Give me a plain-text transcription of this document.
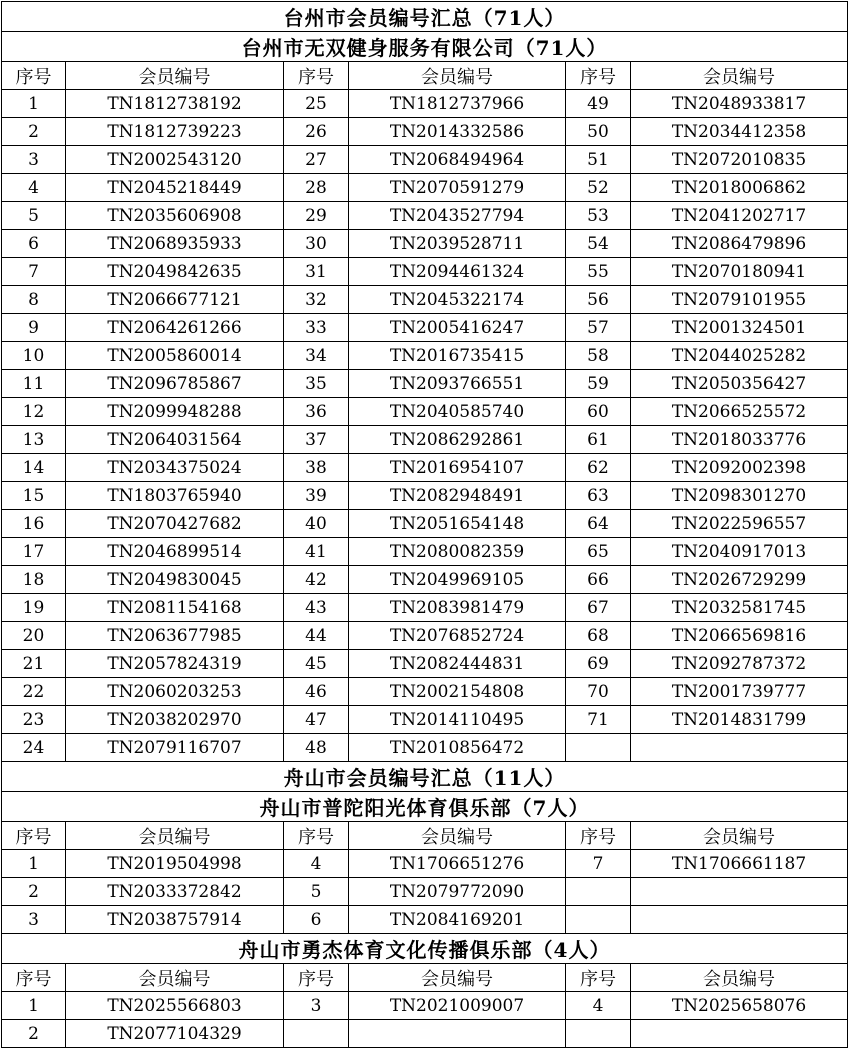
台州市会员编号汇总（71人）					
台州市无双健身服务有限公司（71人）					
序号	会员编号	序号	会员编号	序号	会员编号
1	TN1812738192	25	TN1812737966	49	TN2048933817
2	TN1812739223	26	TN2014332586	50	TN2034412358
3	TN2002543120	27	TN2068494964	51	TN2072010835
4	TN2045218449	28	TN2070591279	52	TN2018006862
5	TN2035606908	29	TN2043527794	53	TN2041202717
6	TN2068935933	30	TN2039528711	54	TN2086479896
7	TN2049842635	31	TN2094461324	55	TN2070180941
8	TN2066677121	32	TN2045322174	56	TN2079101955
9	TN2064261266	33	TN2005416247	57	TN2001324501
10	TN2005860014	34	TN2016735415	58	TN2044025282
11	TN2096785867	35	TN2093766551	59	TN2050356427
12	TN2099948288	36	TN2040585740	60	TN2066525572
13	TN2064031564	37	TN2086292861	61	TN2018033776
14	TN2034375024	38	TN2016954107	62	TN2092002398
15	TN1803765940	39	TN2082948491	63	TN2098301270
16	TN2070427682	40	TN2051654148	64	TN2022596557
17	TN2046899514	41	TN2080082359	65	TN2040917013
18	TN2049830045	42	TN2049969105	66	TN2026729299
19	TN2081154168	43	TN2083981479	67	TN2032581745
20	TN2063677985	44	TN2076852724	68	TN2066569816
21	TN2057824319	45	TN2082444831	69	TN2092787372
22	TN2060203253	46	TN2002154808	70	TN2001739777
23	TN2038202970	47	TN2014110495	71	TN2014831799
24	TN2079116707	48	TN2010856472		
舟山市会员编号汇总（11人）					
舟山市普陀阳光体育俱乐部（7人）					
序号	会员编号	序号	会员编号	序号	会员编号
1	TN2019504998	4	TN1706651276	7	TN1706661187
2	TN2033372842	5	TN2079772090		
3	TN2038757914	6	TN2084169201		
舟山市勇杰体育文化传播俱乐部（4人）					
序号	会员编号	序号	会员编号	序号	会员编号
1	TN2025566803	3	TN2021009007	4	TN2025658076
2	TN2077104329				
